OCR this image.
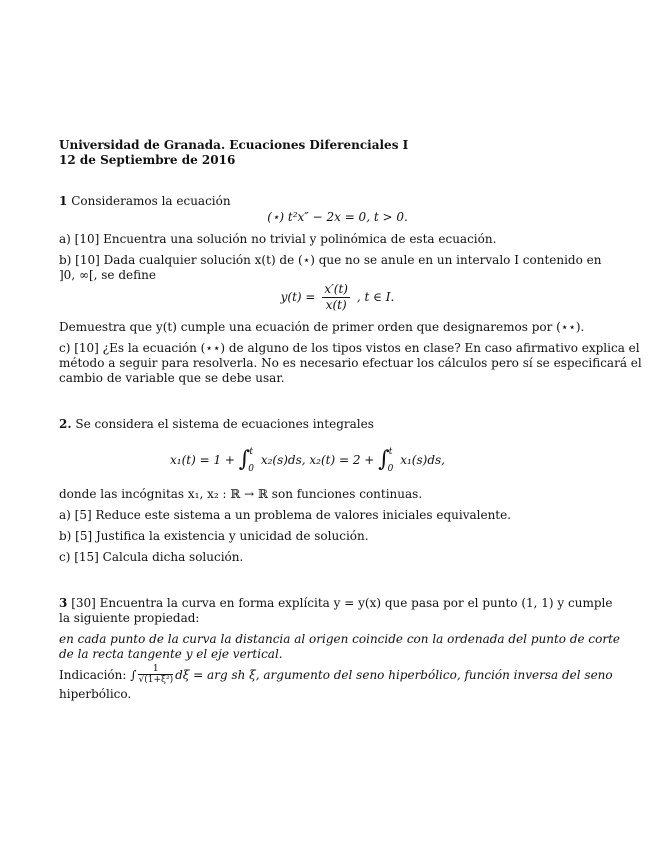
Universidad de Granada. Ecuaciones Diferenciales I
12 de Septiembre de 2016
1 Consideramos la ecuación
(⋆) t²x″ − 2x = 0, t > 0.
a) [10] Encuentra una solución no trivial y polinómica de esta ecuación.
b) [10] Dada cualquier solución x(t) de (⋆) que no se anule en un intervalo I contenido en
]0, ∞[, se define
$y(t) = \frac{x'(t)}{x(t)}$ , t ∈ I.
Demuestra que y(t) cumple una ecuación de primer orden que designaremos por (⋆⋆).
c) [10] ¿Es la ecuación (⋆⋆) de alguno de los tipos vistos en clase? En caso afirmativo explica el
método a seguir para resolverla. No es necesario efectuar los cálculos pero sí se especificará el
cambio de variable que se debe usar.
2. Se considera el sistema de ecuaciones integrales
x₁(t) = 1 + ∫ t
0
x₂(s)ds, x₂(t) = 2 + ∫ t
0
x₁(s)ds,
donde las incógnitas x₁, x₂ : ℝ → ℝ son funciones continuas.
a) [5] Reduce este sistema a un problema de valores iniciales equivalente.
b) [5] Justifica la existencia y unicidad de solución.
c) [15] Calcula dicha solución.
3 [30] Encuentra la curva en forma explícita y = y(x) que pasa por el punto (1, 1) y cumple
la siguiente propiedad:
en cada punto de la curva la distancia al origen coincide con la ordenada del punto de corte
de la recta tangente y el eje vertical.
Indicación: ∫ $\frac{1}{\text{√(1+ξ²)}}$ dξ = arg sh ξ, argumento del seno hiperbólico, función inversa del seno
hiperbólico.
